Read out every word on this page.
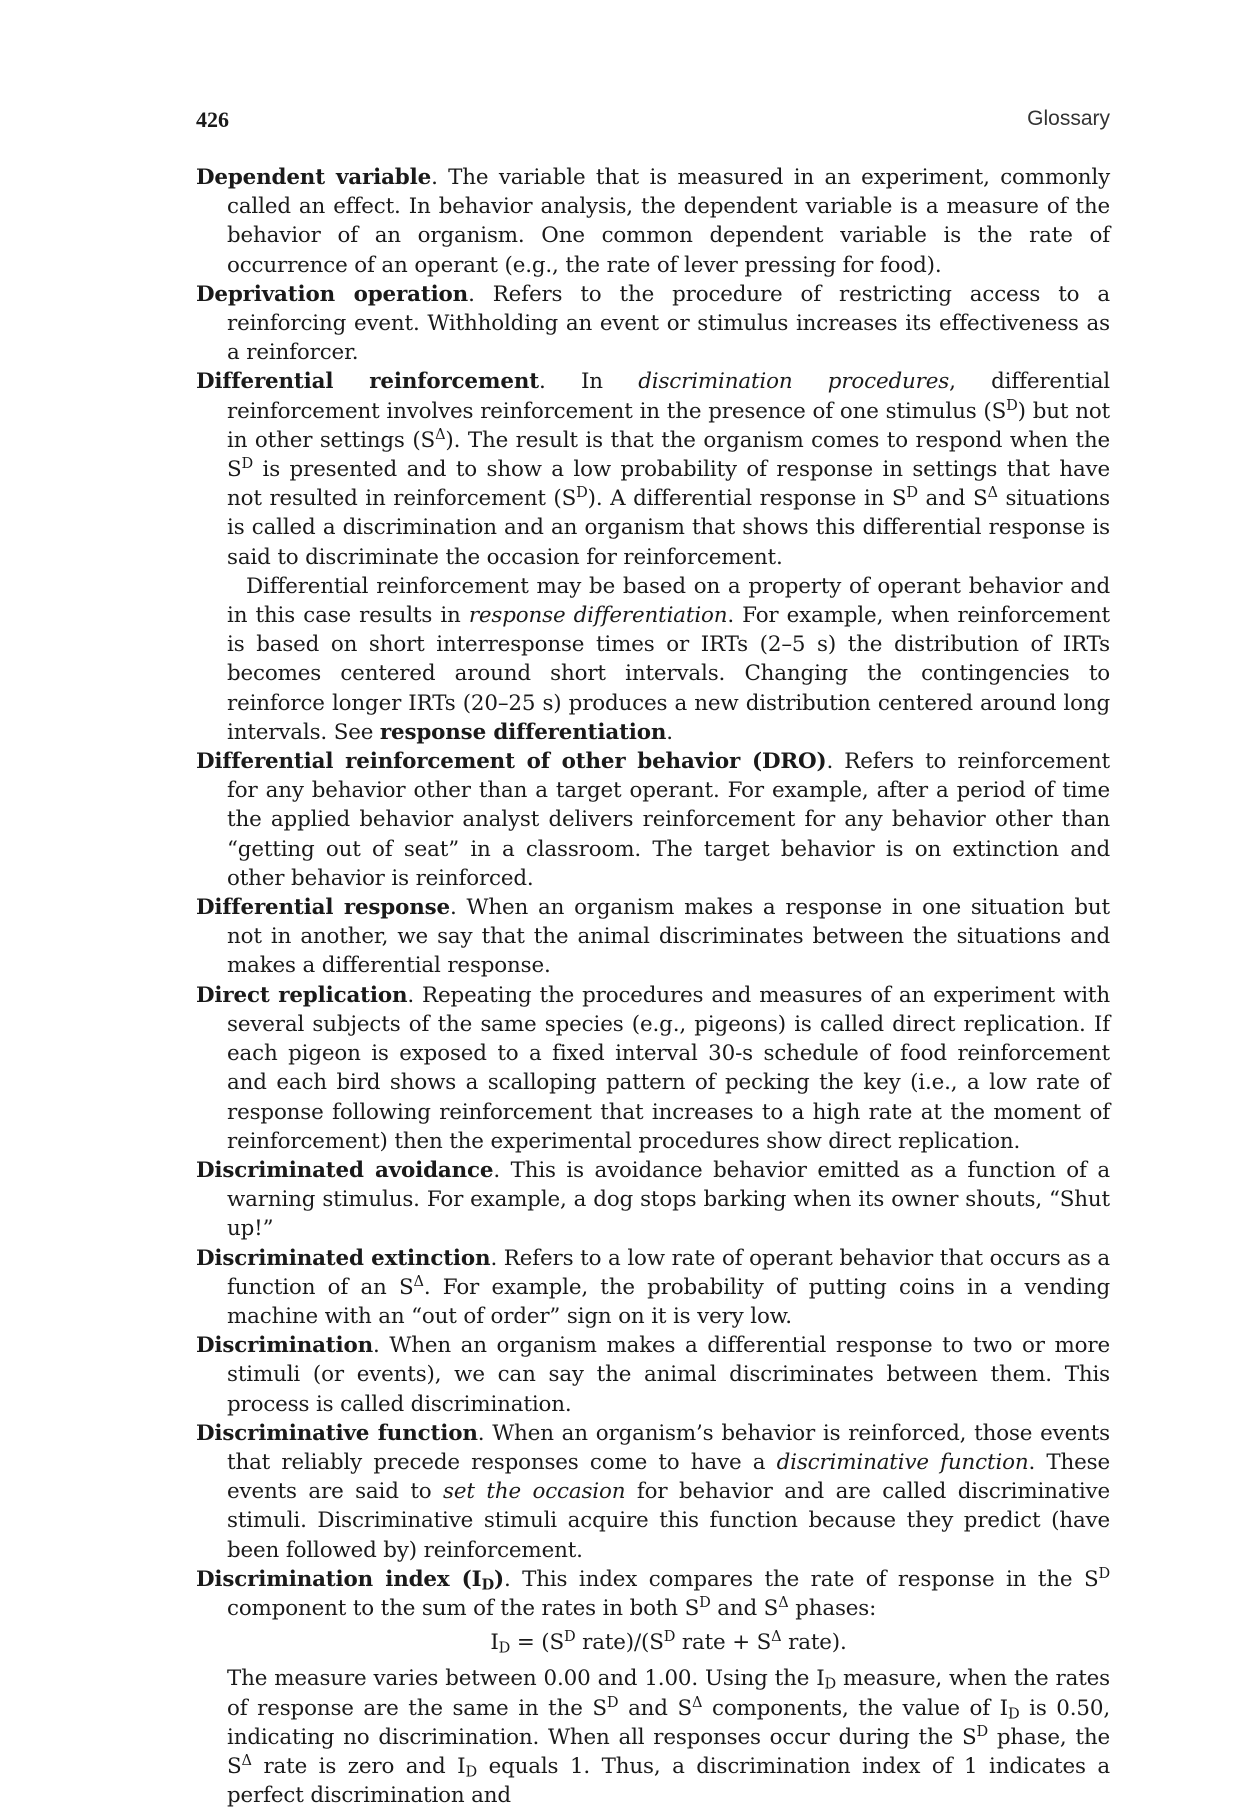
426	Glossary

Dependent variable. The variable that is measured in an experiment, commonly called an effect. In behavior analysis, the dependent variable is a measure of the behavior of an organism. One common dependent variable is the rate of occurrence of an operant (e.g., the rate of lever pressing for food).

Deprivation operation. Refers to the procedure of restricting access to a reinforcing event. Withholding an event or stimulus increases its effectiveness as a reinforcer.

Differential reinforcement. In discrimination procedures, differential reinforcement involves reinforcement in the presence of one stimulus $(S^D)$ but not in other settings $(S^\Delta)$. The result is that the organism comes to respond when the $S^D$ is presented and to show a low probability of response in settings that have not resulted in reinforcement $(S^D)$. A differential response in $S^D$ and $S^\Delta$ situations is called a discrimination and an organism that shows this differential response is said to discriminate the occasion for reinforcement.

Differential reinforcement may be based on a property of operant behavior and in this case results in response differentiation. For example, when reinforcement is based on short interresponse times or IRTs (2–5 s) the distribution of IRTs becomes centered around short intervals. Changing the contingencies to reinforce longer IRTs (20–25 s) produces a new distribution centered around long intervals. See response differentiation.

Differential reinforcement of other behavior (DRO). Refers to reinforcement for any behavior other than a target operant. For example, after a period of time the applied behavior analyst delivers reinforcement for any behavior other than “getting out of seat” in a classroom. The target behavior is on extinction and other behavior is reinforced.

Differential response. When an organism makes a response in one situation but not in another, we say that the animal discriminates between the situations and makes a differential response.

Direct replication. Repeating the procedures and measures of an experiment with several subjects of the same species (e.g., pigeons) is called direct replication. If each pigeon is exposed to a fixed interval 30-s schedule of food reinforcement and each bird shows a scalloping pattern of pecking the key (i.e., a low rate of response following reinforcement that increases to a high rate at the moment of reinforcement) then the experimental procedures show direct replication.

Discriminated avoidance. This is avoidance behavior emitted as a function of a warning stimulus. For example, a dog stops barking when its owner shouts, “Shut up!”

Discriminated extinction. Refers to a low rate of operant behavior that occurs as a function of an $S^\Delta$. For example, the probability of putting coins in a vending machine with an “out of order” sign on it is very low.

Discrimination. When an organism makes a differential response to two or more stimuli (or events), we can say the animal discriminates between them. This process is called discrimination.

Discriminative function. When an organism’s behavior is reinforced, those events that reliably precede responses come to have a discriminative function. These events are said to set the occasion for behavior and are called discriminative stimuli. Discriminative stimuli acquire this function because they predict (have been followed by) reinforcement.

Discrimination index $(I_D)$. This index compares the rate of response in the $S^D$ component to the sum of the rates in both $S^D$ and $S^\Delta$ phases:

$I_D = (S^D$ $rate)/(S^D$ rate + $S^\Delta$ rate).

The measure varies between 0.00 and 1.00. Using the $I_D$ measure, when the rates of response are the same in the $S^D$ and $S^\Delta$ components, the value of $I_D$ is 0.50, indicating no discrimination. When all responses occur during the $S^D$ phase, the $S^\Delta$ rate is zero and $I_D$ equals 1. Thus, a discrimination index of 1 indicates a perfect discrimination and
